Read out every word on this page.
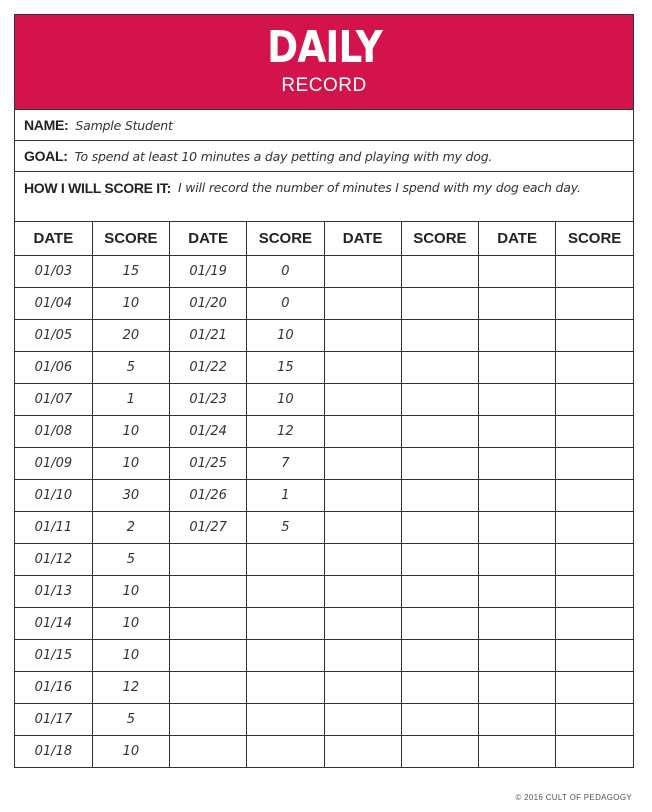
DAILY
RECORD
NAME: Sample Student
GOAL: To spend at least 10 minutes a day petting and playing with my dog.
HOW I WILL SCORE IT: I will record the number of minutes I spend with my dog each day.
DATE	SCORE	DATE	SCORE	DATE	SCORE	DATE	SCORE
01/03	15	01/19	0				
01/04	10	01/20	0				
01/05	20	01/21	10				
01/06	5	01/22	15				
01/07	1	01/23	10				
01/08	10	01/24	12				
01/09	10	01/25	7				
01/10	30	01/26	1				
01/11	2	01/27	5				
01/12	5						
01/13	10						
01/14	10						
01/15	10						
01/16	12						
01/17	5						
01/18	10						
© 2016 CULT OF PEDAGOGY
